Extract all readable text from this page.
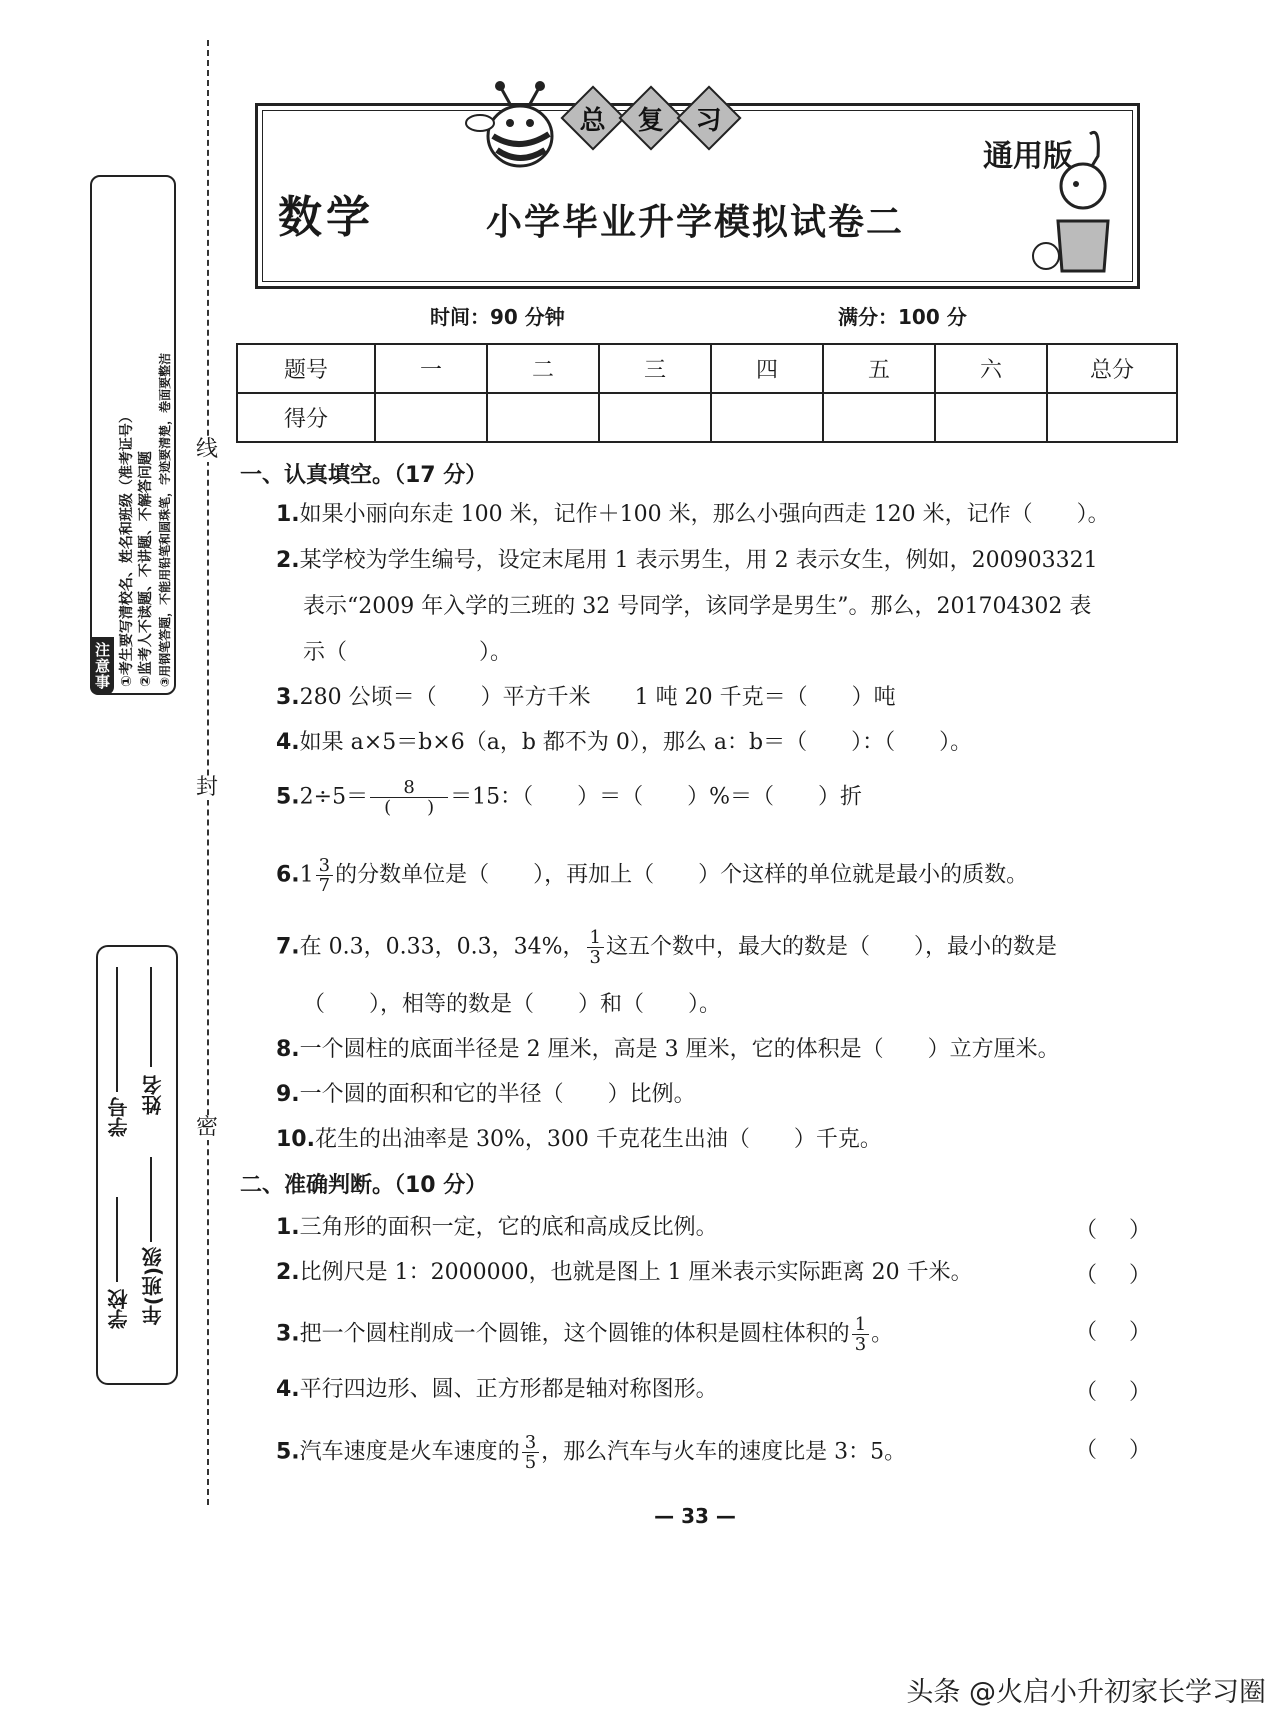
线
封
密
①考生要写清校名、姓名和班级（准考证号） ②监考人不读题、不讲题、不解答问题 ③用钢笔答题，不能用铅笔和圆珠笔，字迹要清楚，卷面要整洁
注意事项
学校 年(班)级
学号
姓名
总 复 习
数学	小学毕业升学模拟试卷二
通用版
时间：90 分钟	满分：100 分
题号	一	二	三	四	五	六	总分
得分							
一、认真填空。（17 分）
1.如果小丽向东走 100 米，记作＋100 米，那么小强向西走 120 米，记作（　　）。
2.某学校为学生编号，设定末尾用 1 表示男生，用 2 表示女生，例如，200903321
表示“2009 年入学的三班的 32 号同学，该同学是男生”。那么，201704302 表
示（　　　　　　）。
3.280 公顷＝（　　）平方千米　　1 吨 20 千克＝（　　）吨
4.如果 a×5＝b×6（a，b 都不为 0），那么 a：b＝（　　）：（　　）。
$5.2\div 5= \frac{8}{( )} =15$：（　　）＝（　　）%＝（　　）折
$6.1 \frac{3}{7}$ 的分数单位是（　　），再加上（　　）个这样的单位就是最小的质数。
7.在 0.3，0.33，0.3̇，34%， $\frac{1}{3}$ 这五个数中，最大的数是（　　），最小的数是
（　　），相等的数是（　　）和（　　）。
8.一个圆柱的底面半径是 2 厘米，高是 3 厘米，它的体积是（　　）立方厘米。
9.一个圆的面积和它的半径（　　）比例。
10.花生的出油率是 30%，300 千克花生出油（　　）千克。
二、准确判断。（10 分）
1.三角形的面积一定，它的底和高成反比例。	（）
2.比例尺是 1：2000000，也就是图上 1 厘米表示实际距离 20 千米。	（）
3.把一个圆柱削成一个圆锥，这个圆锥的体积是圆柱体积的 $\frac{1}{3}$ 。	（）
4.平行四边形、圆、正方形都是轴对称图形。	（）
5.汽车速度是火车速度的 $\frac{3}{5}$ ，那么汽车与火车的速度比是 3：5。	（）
— 33 —
头条 @火启小升初家长学习圈
